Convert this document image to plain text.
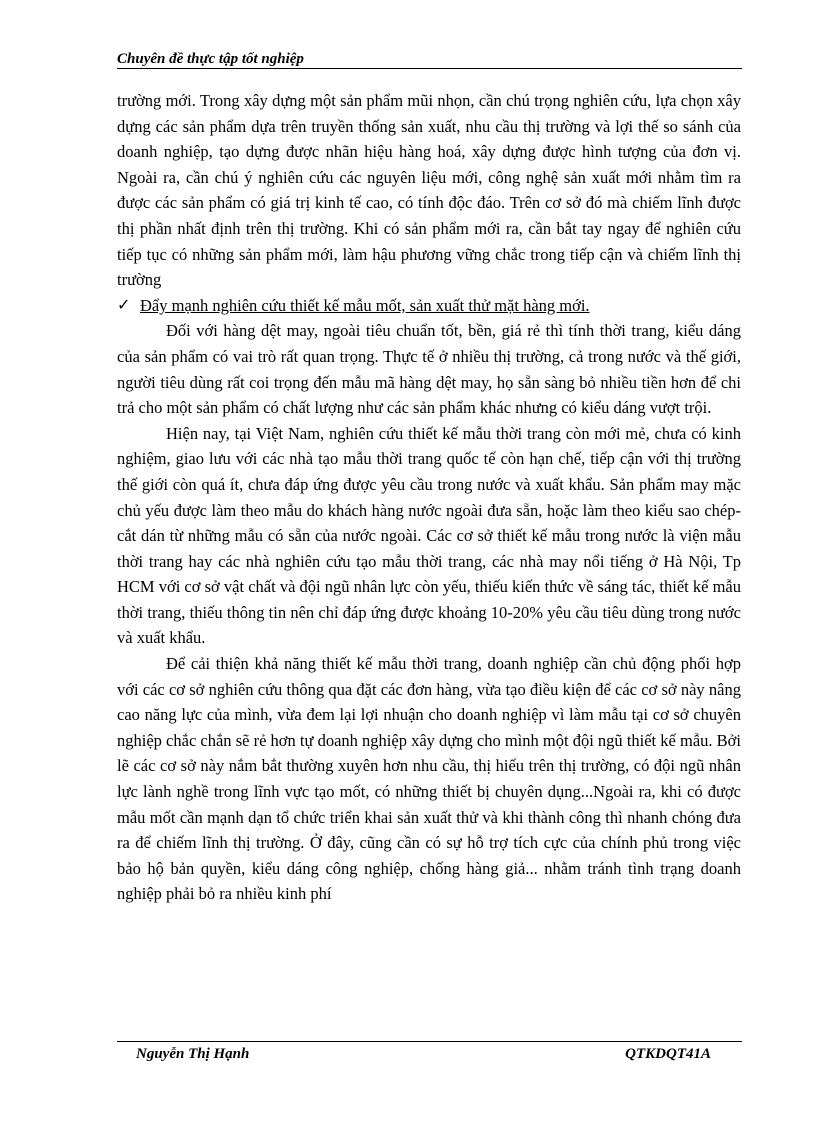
Chuyên đề thực tập tốt nghiệp

trường mới. Trong xây dựng một sản phẩm mũi nhọn, cần chú trọng nghiên cứu, lựa chọn xây dựng các sản phẩm dựa trên truyền thống sản xuất, nhu cầu thị trường và lợi thế so sánh của doanh nghiệp, tạo dựng được nhãn hiệu hàng hoá, xây dựng được hình tượng của đơn vị. Ngoài ra, cần chú ý nghiên cứu các nguyên liệu mới, công nghệ sản xuất mới nhằm tìm ra được các sản phẩm có giá trị kinh tế cao, có tính độc đáo. Trên cơ sở đó mà chiếm lĩnh được thị phần nhất định trên thị trường. Khi có sản phẩm mới ra, cần bắt tay ngay để nghiên cứu tiếp tục có những sản phẩm mới, làm hậu phương vững chắc trong tiếp cận và chiếm lĩnh thị trường

✓ Đẩy mạnh nghiên cứu thiết kế mẫu mốt, sản xuất thử mặt hàng mới.

Đối với hàng dệt may, ngoài tiêu chuẩn tốt, bền, giá rẻ thì tính thời trang, kiểu dáng của sản phẩm có vai trò rất quan trọng. Thực tế ở nhiều thị trường, cả trong nước và thế giới, người tiêu dùng rất coi trọng đến mẫu mã hàng dệt may, họ sẵn sàng bỏ nhiều tiền hơn để chi trả cho một sản phẩm có chất lượng như các sản phẩm khác nhưng có kiểu dáng vượt trội.

Hiện nay, tại Việt Nam, nghiên cứu thiết kế mẫu thời trang còn mới mẻ, chưa có kinh nghiệm, giao lưu với các nhà tạo mẫu thời trang quốc tế còn hạn chế, tiếp cận với thị trường thế giới còn quá ít, chưa đáp ứng được yêu cầu trong nước và xuất khẩu. Sản phẩm may mặc chủ yếu được làm theo mẫu do khách hàng nước ngoài đưa sẵn, hoặc làm theo kiểu sao chép- cắt dán từ những mẫu có sẵn của nước ngoài. Các cơ sở thiết kế mẫu trong nước là viện mẫu thời trang hay các nhà nghiên cứu tạo mẫu thời trang, các nhà may nổi tiếng ở Hà Nội, Tp HCM với cơ sở vật chất và đội ngũ nhân lực còn yếu, thiếu kiến thức về sáng tác, thiết kế mẫu thời trang, thiếu thông tin nên chỉ đáp ứng được khoảng 10-20% yêu cầu tiêu dùng trong nước và xuất khẩu.

Để cải thiện khả năng thiết kế mẫu thời trang, doanh nghiệp cần chủ động phối hợp với các cơ sở nghiên cứu thông qua đặt các đơn hàng, vừa tạo điều kiện để các cơ sở này nâng cao năng lực của mình, vừa đem lại lợi nhuận cho doanh nghiệp vì làm mẫu tại cơ sở chuyên nghiệp chắc chắn sẽ rẻ hơn tự doanh nghiệp xây dựng cho mình một đội ngũ thiết kế mẫu. Bởi lẽ các cơ sở này nắm bắt thường xuyên hơn nhu cầu, thị hiếu trên thị trường, có đội ngũ nhân lực lành nghề trong lĩnh vực tạo mốt, có những thiết bị chuyên dụng...Ngoài ra, khi có được mẫu mốt cần mạnh dạn tổ chức triển khai sản xuất thử và khi thành công thì nhanh chóng đưa ra để chiếm lĩnh thị trường. Ở đây, cũng cần có sự hỗ trợ tích cực của chính phủ trong việc bảo hộ bản quyền, kiểu dáng công nghiệp, chống hàng giả... nhằm tránh tình trạng doanh nghiệp phải bỏ ra nhiều kinh phí

Nguyễn Thị Hạnh	QTKDQT41A
